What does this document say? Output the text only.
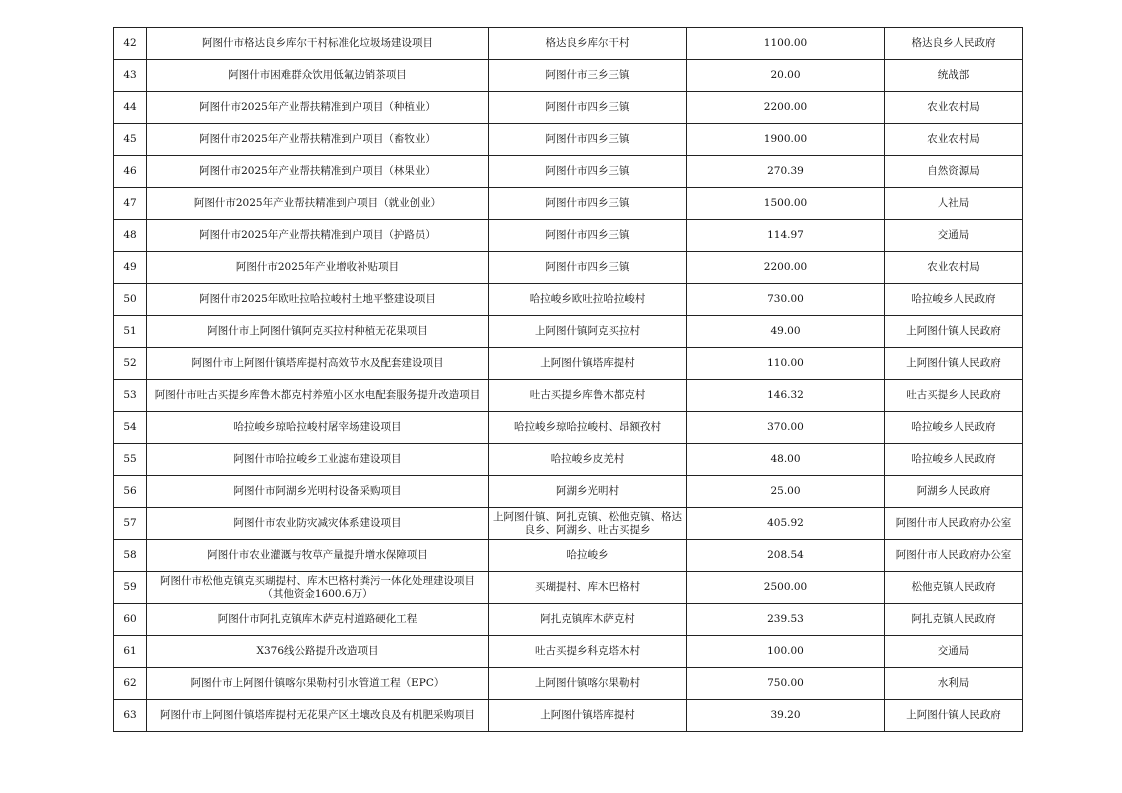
42	阿图什市格达良乡库尔干村标准化垃圾场建设项目	格达良乡库尔干村	1100.00	格达良乡人民政府
43	阿图什市困难群众饮用低氟边销茶项目	阿图什市三乡三镇	20.00	统战部
44	阿图什市2025年产业帮扶精准到户项目（种植业）	阿图什市四乡三镇	2200.00	农业农村局
45	阿图什市2025年产业帮扶精准到户项目（畜牧业）	阿图什市四乡三镇	1900.00	农业农村局
46	阿图什市2025年产业帮扶精准到户项目（林果业）	阿图什市四乡三镇	270.39	自然资源局
47	阿图什市2025年产业帮扶精准到户项目（就业创业）	阿图什市四乡三镇	1500.00	人社局
48	阿图什市2025年产业帮扶精准到户项目（护路员）	阿图什市四乡三镇	114.97	交通局
49	阿图什市2025年产业增收补贴项目	阿图什市四乡三镇	2200.00	农业农村局
50	阿图什市2025年欧吐拉哈拉峻村土地平整建设项目	哈拉峻乡欧吐拉哈拉峻村	730.00	哈拉峻乡人民政府
51	阿图什市上阿图什镇阿克买拉村种植无花果项目	上阿图什镇阿克买拉村	49.00	上阿图什镇人民政府
52	阿图什市上阿图什镇塔库提村高效节水及配套建设项目	上阿图什镇塔库提村	110.00	上阿图什镇人民政府
53	阿图什市吐古买提乡库鲁木都克村养殖小区水电配套服务提升改造项目	吐古买提乡库鲁木都克村	146.32	吐古买提乡人民政府
54	哈拉峻乡琼哈拉峻村屠宰场建设项目	哈拉峻乡琼哈拉峻村、昂额孜村	370.00	哈拉峻乡人民政府
55	阿图什市哈拉峻乡工业滤布建设项目	哈拉峻乡皮羌村	48.00	哈拉峻乡人民政府
56	阿图什市阿湖乡光明村设备采购项目	阿湖乡光明村	25.00	阿湖乡人民政府
57	阿图什市农业防灾减灾体系建设项目	上阿图什镇、阿扎克镇、松他克镇、格达良乡、阿湖乡、吐古买提乡	405.92	阿图什市人民政府办公室
58	阿图什市农业灌溉与牧草产量提升增水保障项目	哈拉峻乡	208.54	阿图什市人民政府办公室
59	阿图什市松他克镇克买瑚提村、库木巴格村粪污一体化处理建设项目（其他资金1600.6万）	买瑚提村、库木巴格村	2500.00	松他克镇人民政府
60	阿图什市阿扎克镇库木萨克村道路硬化工程	阿扎克镇库木萨克村	239.53	阿扎克镇人民政府
61	X376线公路提升改造项目	吐古买提乡科克塔木村	100.00	交通局
62	阿图什市上阿图什镇喀尔果勒村引水管道工程（EPC）	上阿图什镇喀尔果勒村	750.00	水利局
63	阿图什市上阿图什镇塔库提村无花果产区土壤改良及有机肥采购项目	上阿图什镇塔库提村	39.20	上阿图什镇人民政府
